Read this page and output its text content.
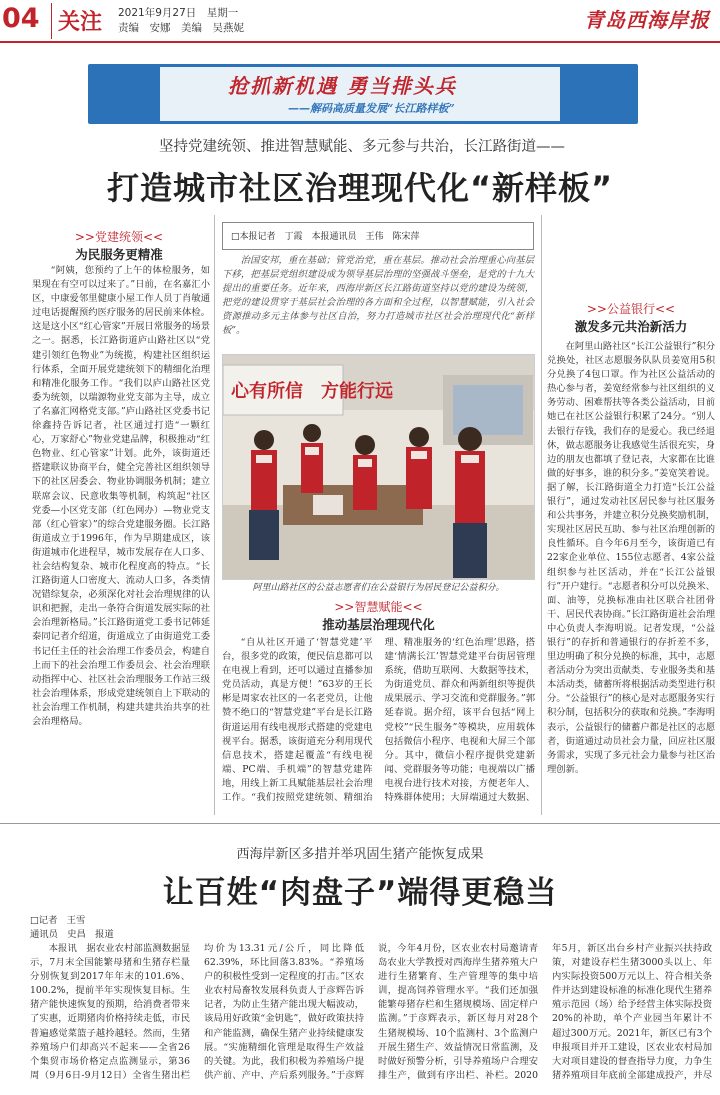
04 关注 2021年9月27日　星期一
责编　安娜　美编　吴燕妮	青岛西海岸报
抢抓新机遇 勇当排头兵
——解码高质量发展“长江路样板”
坚持党建统领、推进智慧赋能、多元参与共治，长江路街道——
打造城市社区治理现代化“新样板”
□本报记者　丁霞　本报通讯员　王伟　陈宋萍

治国安邦，重在基础；管党治党，重在基层。推动社会治理重心向基层下移，把基层党组织建设成为领导基层治理的坚强战斗堡垒，是党的十九大提出的重要任务。近年来，西海岸新区长江路街道坚持以党的建设为统领，把党的建设贯穿于基层社会治理的各方面和全过程，以智慧赋能，引入社会资源推动多元主体参与社区自治，努力打造城市社区社会治理现代化“新样板”。

心有所信　方能行远
阿里山路社区的公益志愿者们在公益银行为居民登记公益积分。
>>党建统领<<
为民服务更精准

“阿姨，您预约了上午的体检服务，如果现在有空可以过来了。”日前，在名嘉汇小区，中康爱邻里健康小屋工作人员丁肖敏通过电话提醒预约医疗服务的居民前来体检。这是这小区“红心管家”开展日常服务的场景之一。据悉，长江路街道庐山路社区以“党建引领红色物业”为统揽，构建社区组织运行体系，全面开展党建统领下的精细化治理和精准化服务工作。“我们以庐山路社区党委为统领，以瑞源物业党支部为主导，成立了名嘉汇网格党支部。”庐山路社区党委书记徐鑫持告诉记者，社区通过打造“一颗红心，万家舒心”物业党建品牌，积极推动“红色物业、红心管家”计划。此外，该街道还搭建联议协商平台，健全完善社区组织领导下的社区居委会、物业协调服务机制；建立联席会议、民意收集等机制，构筑起“社区党委—小区党支部（红色网办）—物业党支部（红心管家）”的综合党建服务圈。长江路街道成立于1996年，作为早期建成区，该街道城市化进程早，城市发展存在人口多、社会结构复杂、城市化程度高的特点。“长江路街道人口密度大、流动人口多，各类情况错综复杂，必须深化对社会治理规律的认识和把握，走出一条符合街道发展实际的社会治理新格局。”长江路街道党工委书记韩延泰同记者介绍道，街道成立了由街道党工委书记任主任的社会治理工作委员会，构建自上而下的社会治理工作委员会、社会治理联动指挥中心、社区社会治理服务工作站三级社会治理体系，形成党建统领自上下联动的社会治理工作机制，构建共建共治共享的社会治理格局。

>>智慧赋能<<
推动基层治理现代化

“自从社区开通了‘智慧党建’平台，很多党的政策，便民信息都可以在电视上看到，还可以通过直播参加党员活动，真是方便！”63岁的王长彬是周家农社区的一名老党员，让他赞不绝口的“智慧党建”平台是长江路街道运用有线电视形式搭建的党建电视平台。据悉，该街道充分利用现代信息技术，搭建起覆盖“有线电视端、PC端、手机端”的智慧党建阵地，用线上新工具赋能基层社会治理工作。“我们按照党建统领、精细治理、精准服务的‘红色治理’思路，搭建‘情满长江’智慧党建平台街居管理系统，借助互联网、大数据等技术，为街道党员、群众和两新组织等提供成果展示、学习交流和党群服务。”郭延春说。据介绍，该平台包括“网上党校”“民生服务”等模块，应用载体包括微信小程序、电视和大屏三个部分。其中，微信小程序提供党建新闻、党群服务等功能；电视端以广播电视台进行技术对接，方便老年人、特殊群体使用；大屏端通过大数据、

>>公益银行<<
激发多元共治新活力

在阿里山路社区“长江公益银行”积分兑换处，社区志愿服务队队员姜宽用5积分兑换了4包口罩。作为社区公益活动的热心参与者，姜宽经常参与社区组织的义务劳动、困难帮扶等各类公益活动，目前她已在社区公益银行积累了24分。“别人去银行存钱，我们存的是爱心。我已经退休，做志愿服务让我感觉生活很充实，身边的朋友也都填了登记表，大家都在比谁做的好事多，谁的积分多。”姜宽笑着说。据了解，长江路街道全力打造“长江公益银行”，通过发动社区居民参与社区服务和公共事务，并建立积分兑换奖励机制，实现社区居民互助、参与社区治理创新的良性循环。自今年6月至今，该街道已有22家企业单位、155位志愿者、4家公益组织参与社区活动，并在“长江公益银行”开户建行。“志愿者积分可以兑换米、面、油等，兑换标准由社区联合社团骨干、居民代表协商。”长江路街道社会治理中心负责人李海明说。记者发现，“公益银行”的存折和普通银行的存折差不多，里边明确了积分兑换的标准，其中，志愿者活动分为突出贡献类、专业服务类和基本活动类，储蓄所将根据活动类型进行积分。“公益银行”的核心是对志愿服务实行积分制，包括积分的获取和兑换。”李海明表示，公益银行的储蓄户都是社区的志愿者，街道通过动员社会力量，回应社区服务需求，实现了多元社会力量参与社区治理创新。

西海岸新区多措并举巩固生猪产能恢复成果
让百姓“肉盘子”端得更稳当
□记者　王雪
通讯员　史昌　报道

本报讯　据农业农村部监测数据显示，7月末全国能繁母猪和生猪存栏量分别恢复到2017年年末的101.6%、100.2%，提前半年实现恢复目标。生猪产能快速恢复的预期，给消费者带来了实惠，近期猪肉价格持续走低，市民普遍感觉菜篮子越拎越轻。然而，生猪养殖场户们却高兴不起来——全省26个集贸市场价格定点监测显示，第36周（9月6日-9月12日）全省生猪出栏均价为13.31元/公斤，同比降低62.39%，环比回落3.83%。“养殖场户的积极性受到一定程度的打击。”区农业农村局畜牧发展科负责人于彦辉告诉记者，为防止生猪产能出现大幅波动，该局用好政策“金钥匙”，做好政策扶持和产能监测，确保生猪产业持续健康发展。“实施精细化管理是取得生产效益的关键。为此，我们积极为养殖场户提供产前、产中、产后系列服务。”于彦辉说，今年4月份，区农业农村局邀请青岛农业大学教授对西海岸生猪养殖大户进行生猪繁育、生产管理等的集中培训，提高饲养管理水平。“我们还加强能繁母猪存栏和生猪规模场、固定样户监测。”于彦辉表示，新区每月对28个生猪规模场、10个监测村、3个监测户开展生猪生产、效益情况日常监测，及时做好预警分析，引导养殖场户合理安排生产，做到有序出栏、补栏。2020年5月，新区出台乡村产业振兴扶持政策，对建设存栏生猪3000头以上、年内实际投资500万元以上、符合相关条件并达到建设标准的标准化现代生猪养殖示范园（场）给予经营主体实际投资20%的补助，单个产业园当年累计不超过300万元。2021年，新区已有3个申报项目并开工建设，区农业农村局加大对项目建设的督查指导力度，力争生猪养殖项目年底前全部建成投产，并尽
